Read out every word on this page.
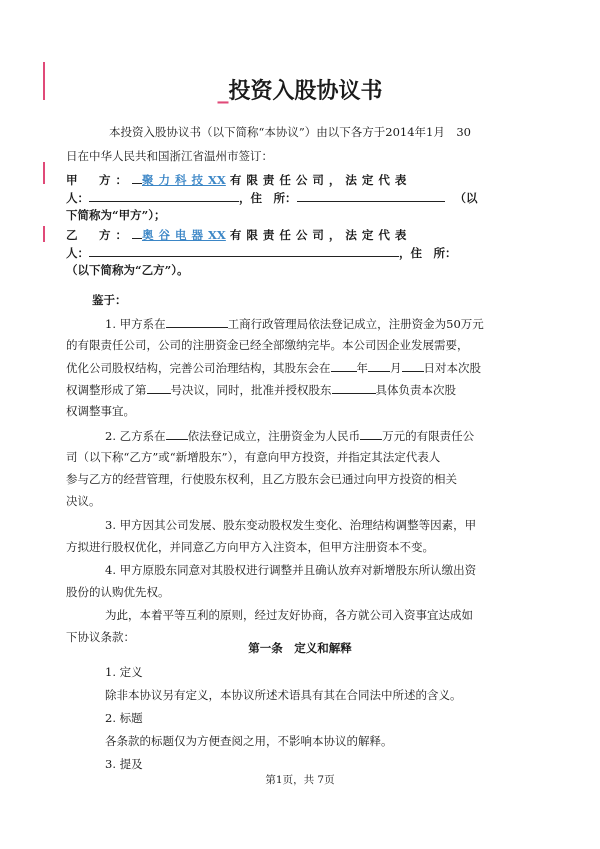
_投资入股协议书
本投资入股协议书（以下简称“本协议”）由以下各方于2014年1月　30
日在中华人民共和国浙江省温州市签订：
甲　方： 聚力科技XX 有限责任公司，法定代表
人：	，住　所：	（以
下简称为“甲方”）；
乙　方： 奥谷电器XX 有限责任公司，法定代表
人：	，住　所：
（以下简称为“乙方”）。
鉴于：
1. 甲方系在	工商行政管理局依法登记成立，注册资金为50万元
的有限责任公司，公司的注册资金已经全部缴纳完毕。本公司因企业发展需要，
优化公司股权结构，完善公司治理结构，其股东会在 年 月 日对本次股
权调整形成了第 号决议，同时，批准并授权股东	具体负责本次股
权调整事宜。
2. 乙方系在 依法登记成立，注册资金为人民币 万元的有限责任公
司（以下称“乙方”或“新增股东”），有意向甲方投资，并指定其法定代表人
参与乙方的经营管理，行使股东权利，且乙方股东会已通过向甲方投资的相关
决议。
3. 甲方因其公司发展、股东变动股权发生变化、治理结构调整等因素，甲
方拟进行股权优化，并同意乙方向甲方入注资本，但甲方注册资本不变。
4. 甲方原股东同意对其股权进行调整并且确认放弃对新增股东所认缴出资
股份的认购优先权。
为此，本着平等互利的原则，经过友好协商，各方就公司入资事宜达成如
下协议条款：
第一条　定义和解释
1. 定义
除非本协议另有定义，本协议所述术语具有其在合同法中所述的含义。
2. 标题
各条款的标题仅为方便查阅之用，不影响本协议的解释。
3. 提及
第1页，共 7页
